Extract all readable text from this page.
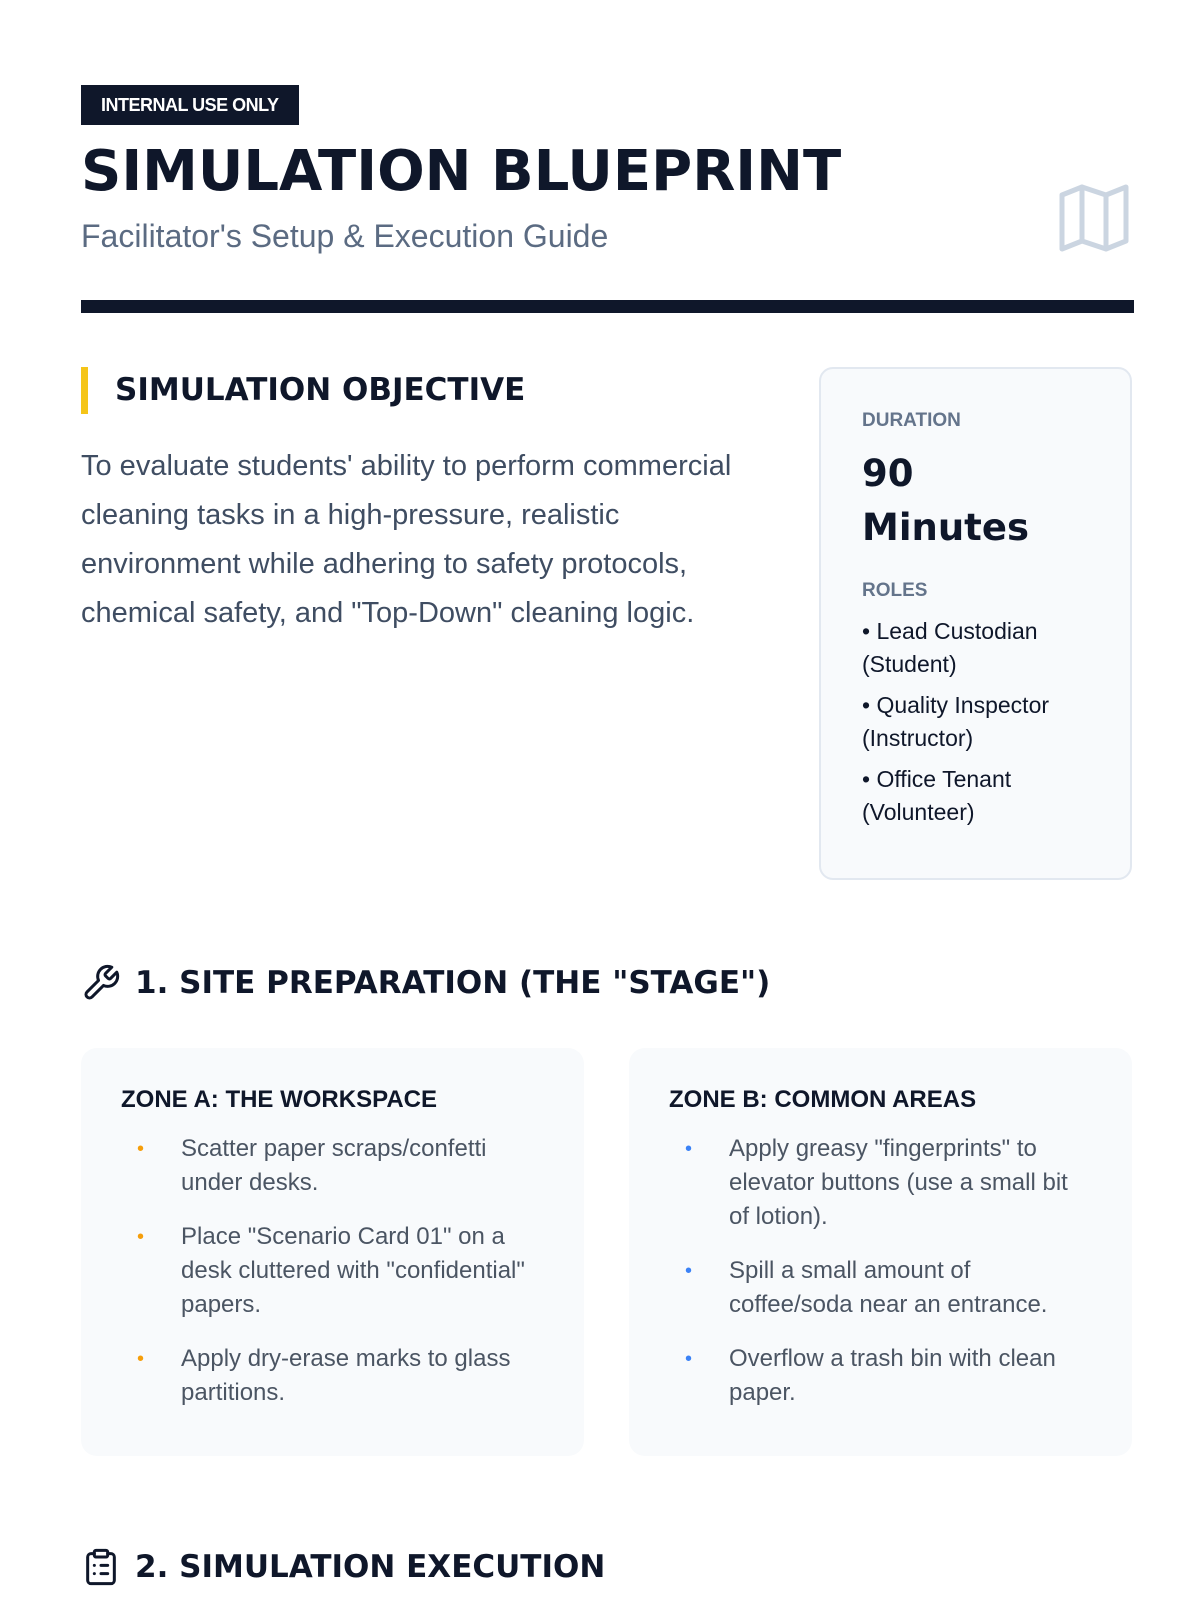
INTERNAL USE ONLY
SIMULATION BLUEPRINT
Facilitator's Setup & Execution Guide
SIMULATION OBJECTIVE

To evaluate students' ability to perform commercial cleaning tasks in a high-pressure, realistic environment while adhering to safety protocols, chemical safety, and "Top-Down" cleaning logic.

DURATION
90 Minutes
ROLES
• Lead Custodian (Student)
• Quality Inspector (Instructor)
• Office Tenant (Volunteer)
1. SITE PREPARATION (THE "STAGE")
ZONE A: THE WORKSPACE
• Scatter paper scraps/confetti under desks.
• Place "Scenario Card 01" on a desk cluttered with "confidential" papers.
• Apply dry-erase marks to glass partitions.
ZONE B: COMMON AREAS
• Apply greasy "fingerprints" to elevator buttons (use a small bit of lotion).
• Spill a small amount of coffee/soda near an entrance.
• Overflow a trash bin with clean paper.
2. SIMULATION EXECUTION
